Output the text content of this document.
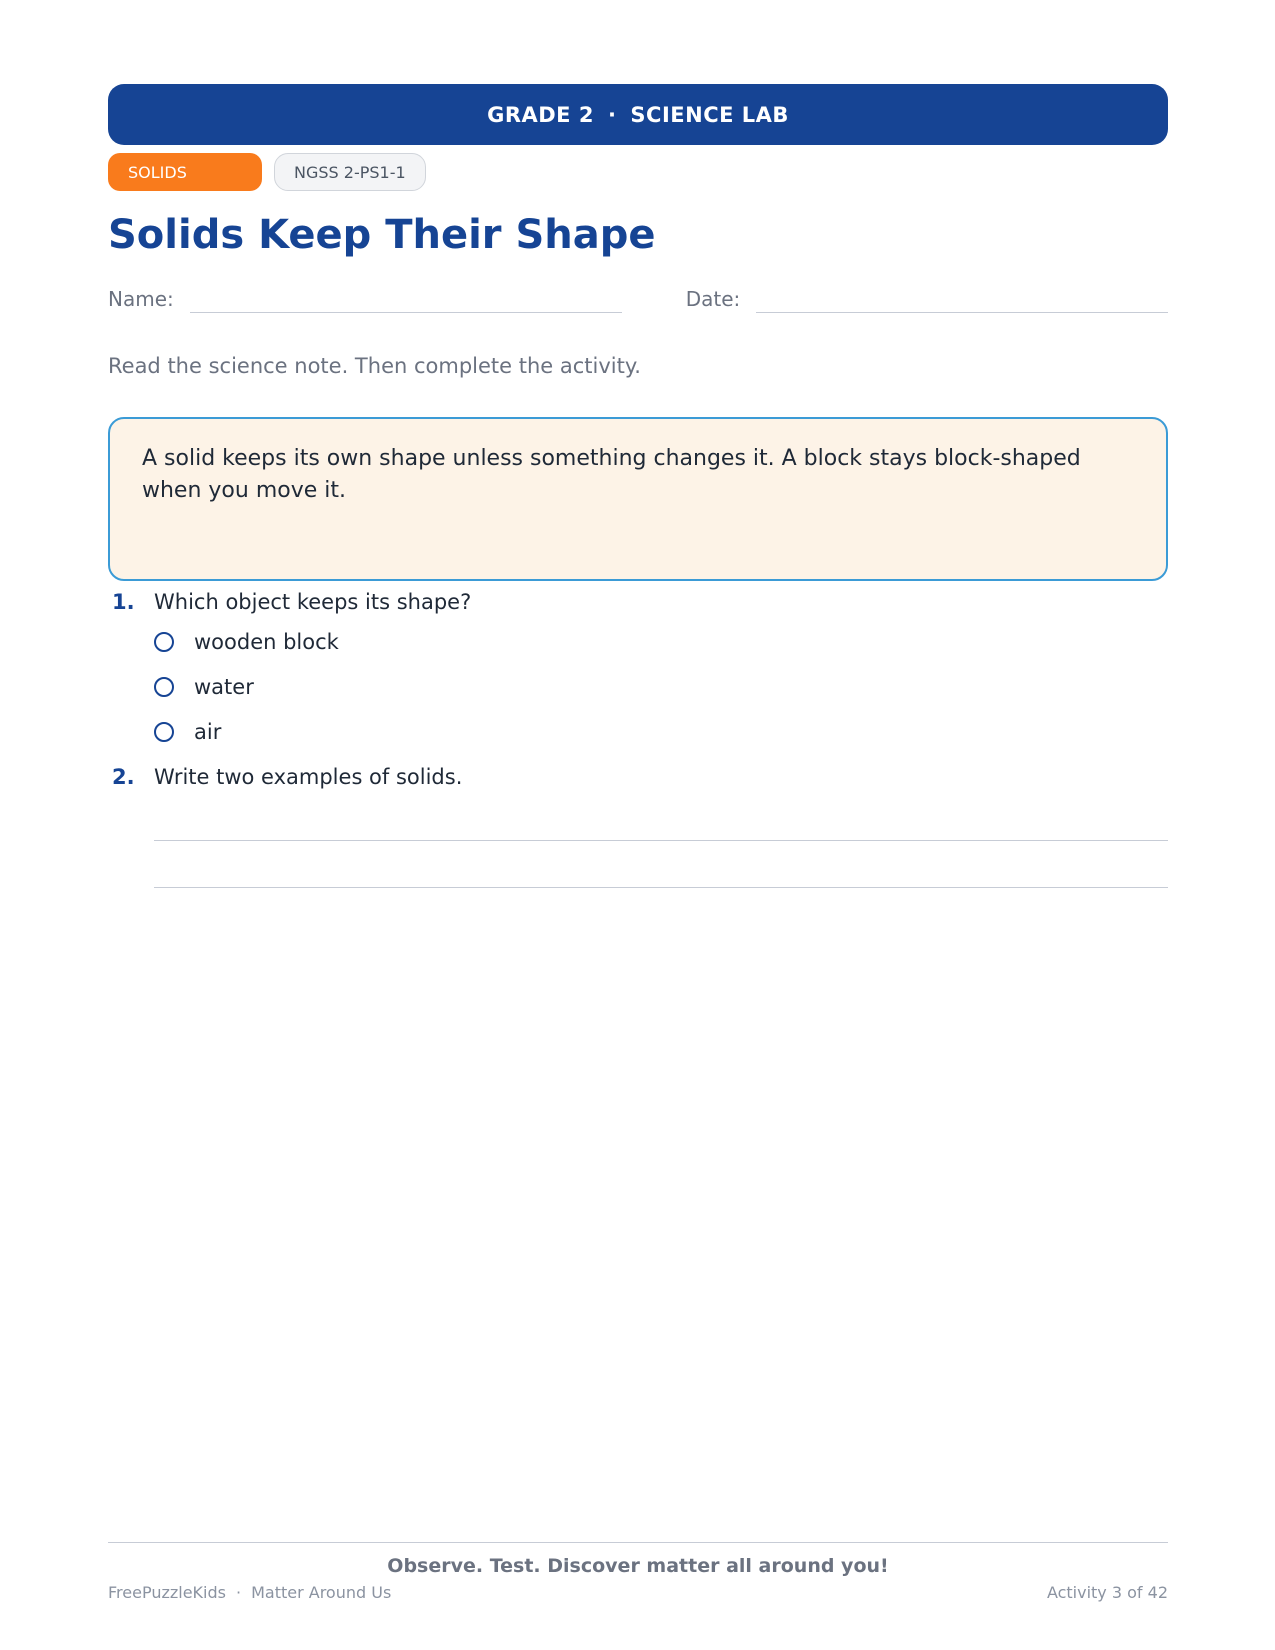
GRADE 2 · SCIENCE LAB
SOLIDS	NGSS 2-PS1-1
Solids Keep Their Shape
Name:	Date:
Read the science note. Then complete the activity.
A solid keeps its own shape unless something changes it. A block stays block-shaped when you move it.
1. Which object keeps its shape?
wooden block
water
air
2. Write two examples of solids.
Observe. Test. Discover matter all around you!
FreePuzzleKids · Matter Around Us	Activity 3 of 42
